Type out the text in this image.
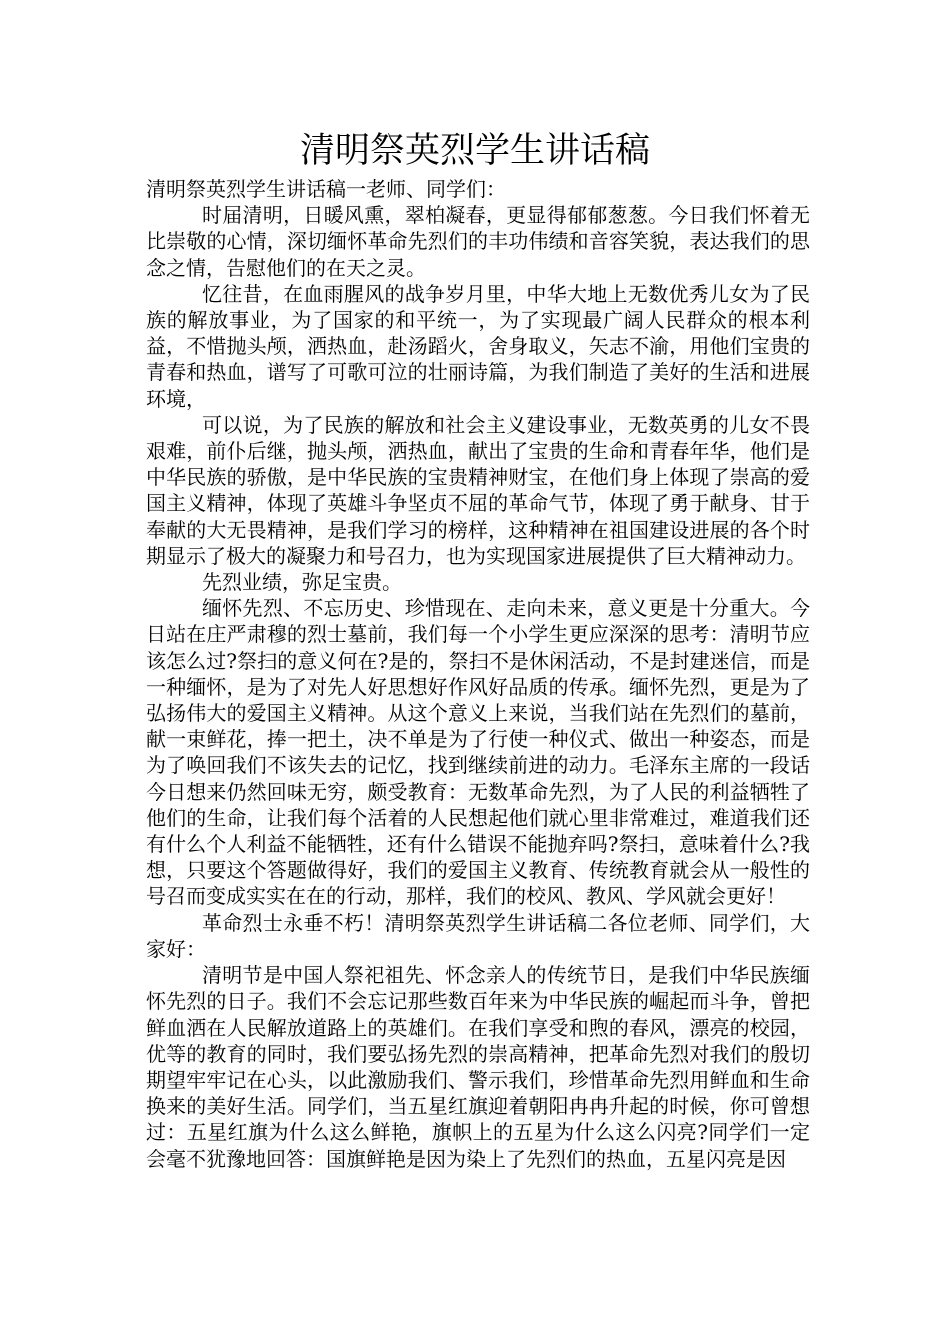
清明祭英烈学生讲话稿

清明祭英烈学生讲话稿一老师、同学们：

时届清明，日暖风熏，翠柏凝春，更显得郁郁葱葱。今日我们怀着无比崇敬的心情，深切缅怀革命先烈们的丰功伟绩和音容笑貌，表达我们的思念之情，告慰他们的在天之灵。

忆往昔，在血雨腥风的战争岁月里，中华大地上无数优秀儿女为了民族的解放事业，为了国家的和平统一，为了实现最广阔人民群众的根本利益，不惜抛头颅，洒热血，赴汤蹈火，舍身取义，矢志不渝，用他们宝贵的青春和热血，谱写了可歌可泣的壮丽诗篇，为我们制造了美好的生活和进展环境，

可以说，为了民族的解放和社会主义建设事业，无数英勇的儿女不畏艰难，前仆后继，抛头颅，洒热血，献出了宝贵的生命和青春年华，他们是中华民族的骄傲，是中华民族的宝贵精神财宝，在他们身上体现了崇高的爱国主义精神，体现了英雄斗争坚贞不屈的革命气节，体现了勇于献身、甘于奉献的大无畏精神，是我们学习的榜样，这种精神在祖国建设进展的各个时期显示了极大的凝聚力和号召力，也为实现国家进展提供了巨大精神动力。

先烈业绩，弥足宝贵。

缅怀先烈、不忘历史、珍惜现在、走向未来，意义更是十分重大。今日站在庄严肃穆的烈士墓前，我们每一个小学生更应深深的思考：清明节应该怎么过?祭扫的意义何在?是的，祭扫不是休闲活动，不是封建迷信，而是一种缅怀，是为了对先人好思想好作风好品质的传承。缅怀先烈，更是为了弘扬伟大的爱国主义精神。从这个意义上来说，当我们站在先烈们的墓前，献一束鲜花，捧一把土，决不单是为了行使一种仪式、做出一种姿态，而是为了唤回我们不该失去的记忆，找到继续前进的动力。毛泽东主席的一段话今日想来仍然回味无穷，颇受教育：无数革命先烈，为了人民的利益牺牲了他们的生命，让我们每个活着的人民想起他们就心里非常难过，难道我们还有什么个人利益不能牺牲，还有什么错误不能抛弃吗?祭扫，意味着什么?我想，只要这个答题做得好，我们的爱国主义教育、传统教育就会从一般性的号召而变成实实在在的行动，那样，我们的校风、教风、学风就会更好！

革命烈士永垂不朽！清明祭英烈学生讲话稿二各位老师、同学们，大家好：

清明节是中国人祭祀祖先、怀念亲人的传统节日，是我们中华民族缅怀先烈的日子。我们不会忘记那些数百年来为中华民族的崛起而斗争，曾把鲜血洒在人民解放道路上的英雄们。在我们享受和煦的春风，漂亮的校园，优等的教育的同时，我们要弘扬先烈的崇高精神，把革命先烈对我们的殷切期望牢牢记在心头，以此激励我们、警示我们，珍惜革命先烈用鲜血和生命换来的美好生活。同学们，当五星红旗迎着朝阳冉冉升起的时候，你可曾想过：五星红旗为什么这么鲜艳，旗帜上的五星为什么这么闪亮?同学们一定会毫不犹豫地回答：国旗鲜艳是因为染上了先烈们的热血，五星闪亮是因
